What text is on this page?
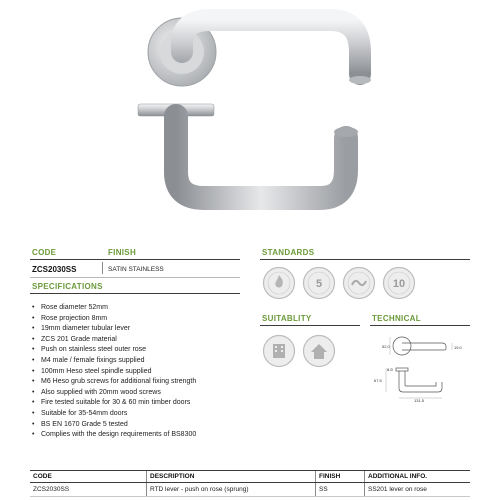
CODE	FINISH
ZCS2030SS	SATIN STAINLESS
SPECIFICATIONS
• Rose diameter 52mm
• Rose projection 8mm
• 19mm diameter tubular lever
• ZCS 201 Grade material
• Push on stainless steel outer rose
• M4 male / female fixings supplied
• 100mm Heso steel spindle supplied
• M6 Heso grub screws for additional fixing strength
• Also supplied with 20mm wood screws
• Fire tested suitable for 30 & 60 min timber doors
• Suitable for 35-54mm doors
• BS EN 1670 Grade 5 tested
• Complies with the design requirements of BS8300
STANDARDS
5	10
SUITABLITY	TECHNICAL
52.0	19.0
67.5
8.0
131.5
CODE	DESCRIPTION	FINISH	ADDITIONAL INFO.
ZCS2030SS	RTD lever - push on rose (sprung)	SS	SS201 lever on rose
